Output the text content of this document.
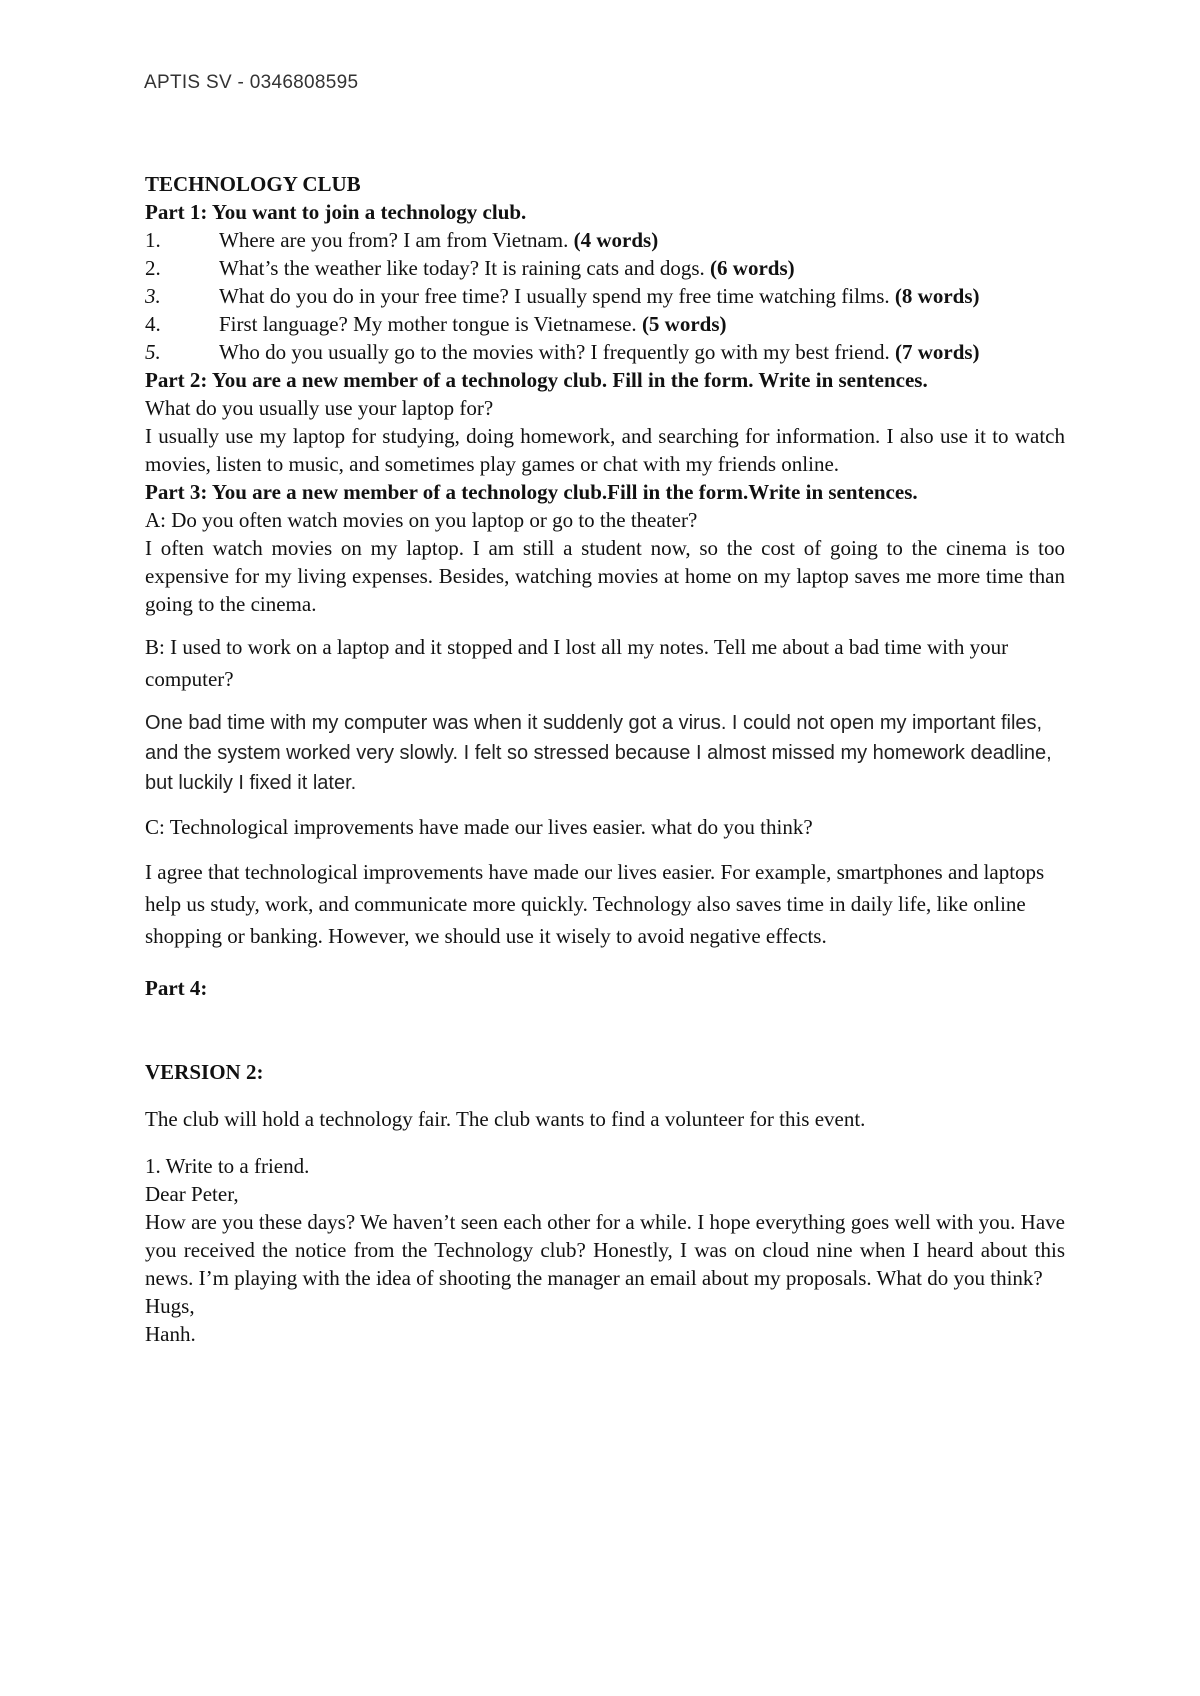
APTIS SV - 0346808595

TECHNOLOGY CLUB

Part 1: You want to join a technology club.

1.	Where are you from? I am from Vietnam. (4 words)
2.	What’s the weather like today? It is raining cats and dogs. (6 words)

3.	What do you do in your free time? I usually spend my free time watching films. (8 words)

4.	First language? My mother tongue is Vietnamese. (5 words)

5.	Who do you usually go to the movies with? I frequently go with my best friend. (7 words)

Part 2: You are a new member of a technology club. Fill in the form. Write in sentences.

What do you usually use your laptop for?

I usually use my laptop for studying, doing homework, and searching for information. I also use it to watch movies, listen to music, and sometimes play games or chat with my friends online.

Part 3: You are a new member of a technology club.Fill in the form.Write in sentences.

A: Do you often watch movies on you laptop or go to the theater?

I often watch movies on my laptop. I am still a student now, so the cost of going to the cinema is too expensive for my living expenses. Besides, watching movies at home on my laptop saves me more time than going to the cinema.

B: I used to work on a laptop and it stopped and I lost all my notes. Tell me about a bad time with your computer?

One bad time with my computer was when it suddenly got a virus. I could not open my important files, and the system worked very slowly. I felt so stressed because I almost missed my homework deadline, but luckily I fixed it later.

C: Technological improvements have made our lives easier. what do you think?

I agree that technological improvements have made our lives easier. For example, smartphones and laptops help us study, work, and communicate more quickly. Technology also saves time in daily life, like online shopping or banking. However, we should use it wisely to avoid negative effects.

Part 4:

VERSION 2:

The club will hold a technology fair. The club wants to find a volunteer for this event.

1. Write to a friend.

Dear Peter,

How are you these days? We haven’t seen each other for a while. I hope everything goes well with you. Have you received the notice from the Technology club? Honestly, I was on cloud nine when I heard about this news. I’m playing with the idea of shooting the manager an email about my proposals. What do you think?

Hugs,

Hanh.
